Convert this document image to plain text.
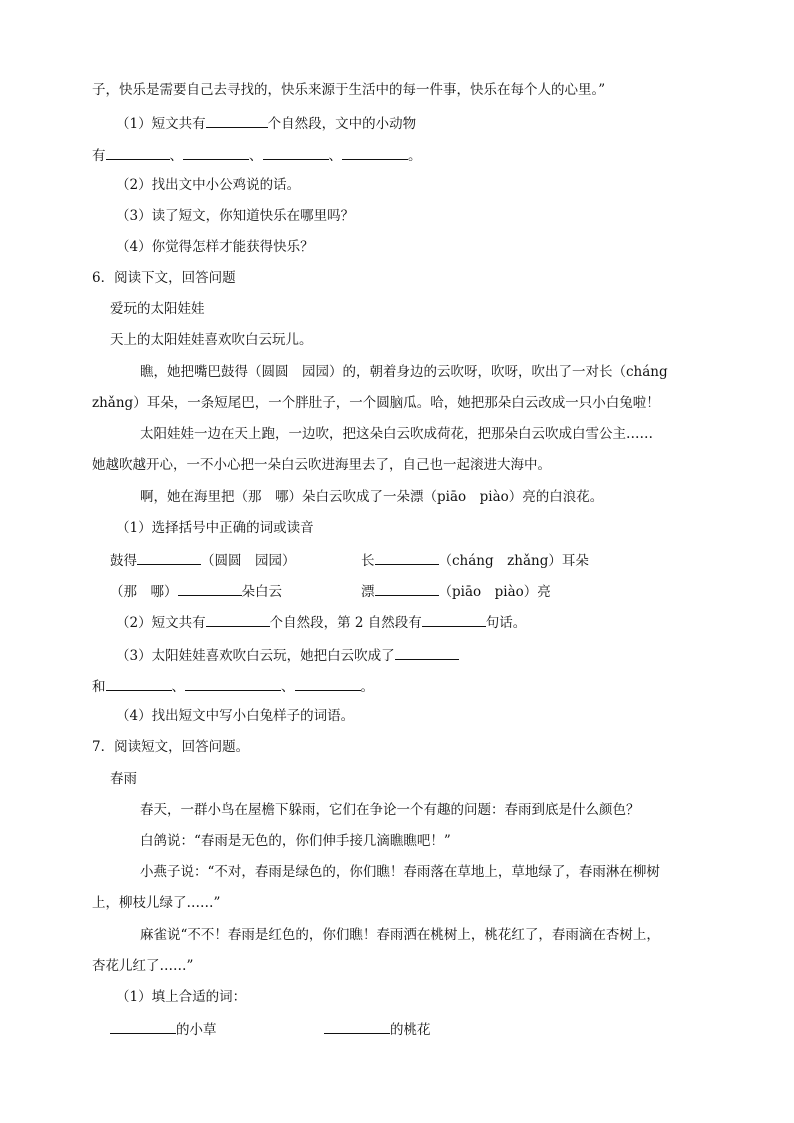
子，快乐是需要自己去寻找的，快乐来源于生活中的每一件事，快乐在每个人的心里。”
（1）短文共有	个自然段，文中的小动物
有	、	、	、	。
（2）找出文中小公鸡说的话。
（3）读了短文，你知道快乐在哪里吗？
（4）你觉得怎样才能获得快乐？
6．阅读下文，回答问题
爱玩的太阳娃娃
天上的太阳娃娃喜欢吹白云玩儿。
瞧，她把嘴巴鼓得（圆圆　园园）的，朝着身边的云吹呀，吹呀，吹出了一对长（cháng
zhǎng）耳朵，一条短尾巴，一个胖肚子，一个圆脑瓜。哈，她把那朵白云改成一只小白兔啦！
太阳娃娃一边在天上跑，一边吹，把这朵白云吹成荷花，把那朵白云吹成白雪公主……
她越吹越开心，一不小心把一朵白云吹进海里去了，自己也一起滚进大海中。
啊，她在海里把（那　哪）朵白云吹成了一朵漂（piāo　piào）亮的白浪花。
（1）选择括号中正确的词或读音
鼓得	（圆圆　园园）	长	（cháng　zhǎng）耳朵
（那　哪）	朵白云	漂	（piāo　piào）亮
（2）短文共有	个自然段，第 2 自然段有	句话。
（3）太阳娃娃喜欢吹白云玩，她把白云吹成了
和	、	、	。
（4）找出短文中写小白兔样子的词语。
7．阅读短文，回答问题。
春雨
春天，一群小鸟在屋檐下躲雨，它们在争论一个有趣的问题：春雨到底是什么颜色？
白鸽说：“春雨是无色的，你们伸手接几滴瞧瞧吧！”
小燕子说：“不对，春雨是绿色的，你们瞧！春雨落在草地上，草地绿了，春雨淋在柳树
上，柳枝儿绿了……”
麻雀说“不不！春雨是红色的，你们瞧！春雨洒在桃树上，桃花红了，春雨滴在杏树上，
杏花儿红了……”
（1）填上合适的词：
的小草	的桃花
